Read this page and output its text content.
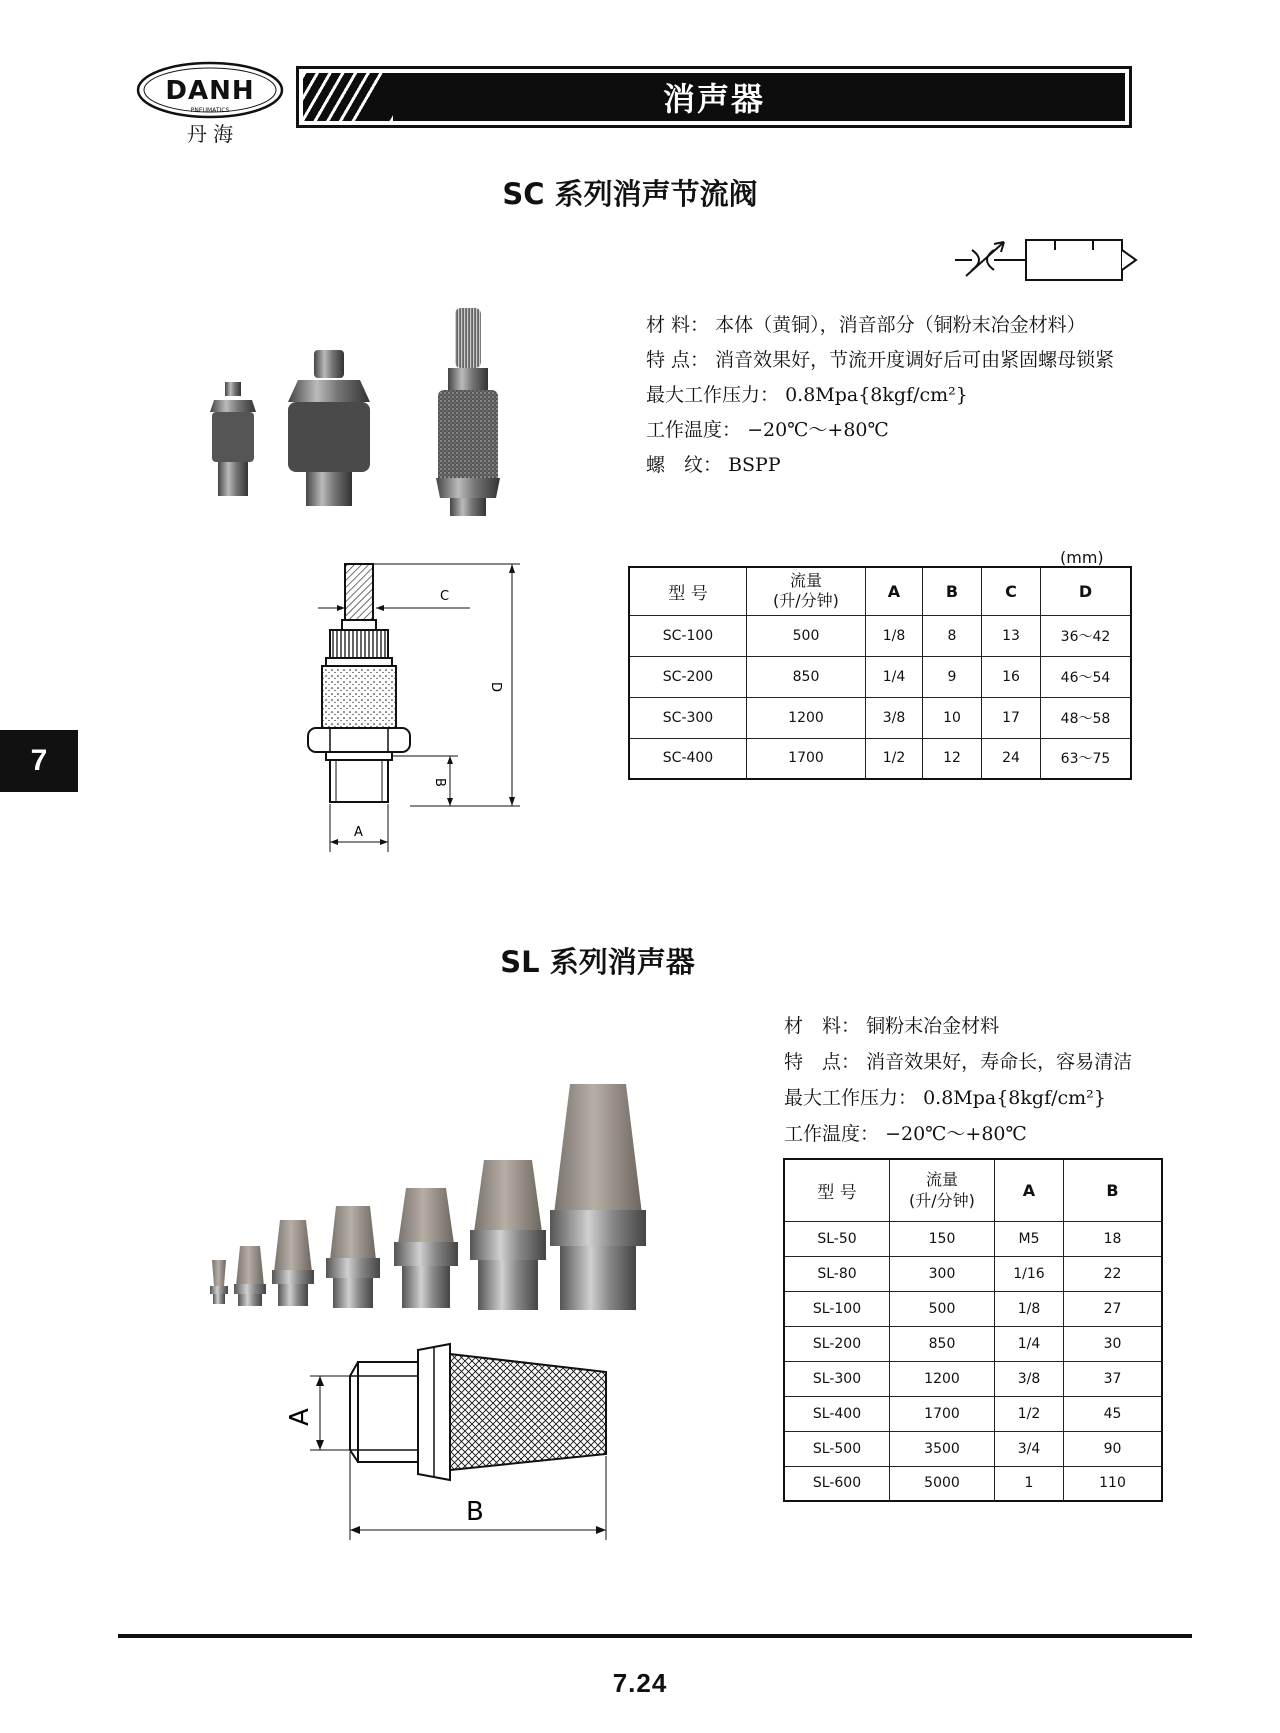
DANH
PNEUMATICS
丹 海
消声器
SC 系列消声节流阀
材 料： 本体（黄铜），消音部分（铜粉末冶金材料）
特 点： 消音效果好，节流开度调好后可由紧固螺母锁紧
最大工作压力： 0.8Mpa{8kgf/cm²}
工作温度： −20℃～+80℃
螺　纹： BSPP
C
D
B
A
(mm)
型 号	流量
(升/分钟)	A	B	C	D
SC-100	500	1/8	8	13	36～42
SC-200	850	1/4	9	16	46～54
SC-300	1200	3/8	10	17	48～58
SC-400	1700	1/2	12	24	63～75
7
SL 系列消声器
材　料： 铜粉末冶金材料
特　点： 消音效果好，寿命长，容易清洁
最大工作压力： 0.8Mpa{8kgf/cm²}
工作温度： −20℃～+80℃
A
B
型 号	流量
(升/分钟)	A	B
SL-50	150	M5	18
SL-80	300	1/16	22
SL-100	500	1/8	27
SL-200	850	1/4	30
SL-300	1200	3/8	37
SL-400	1700	1/2	45
SL-500	3500	3/4	90
SL-600	5000	1	110
7.24
